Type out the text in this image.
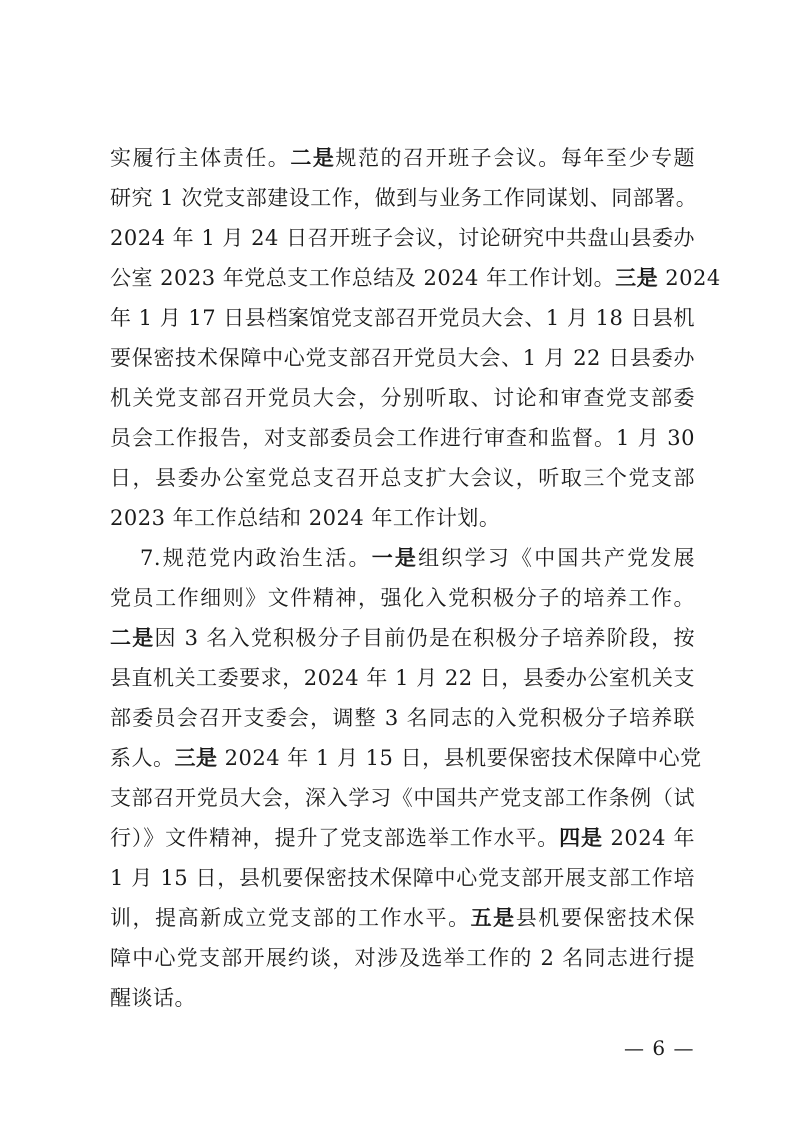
实履行主体责任。二是规范的召开班子会议。每年至少专题
研究 1 次党支部建设工作，做到与业务工作同谋划、同部署。
2024 年 1 月 24 日召开班子会议，讨论研究中共盘山县委办
公室 2023 年党总支工作总结及 2024 年工作计划。三是 2024
年 1 月 17 日县档案馆党支部召开党员大会、1 月 18 日县机
要保密技术保障中心党支部召开党员大会、1 月 22 日县委办
机关党支部召开党员大会，分别听取、讨论和审查党支部委
员会工作报告，对支部委员会工作进行审查和监督。1 月 30
日，县委办公室党总支召开总支扩大会议，听取三个党支部
2023 年工作总结和 2024 年工作计划。
7.规范党内政治生活。一是组织学习《中国共产党发展
党员工作细则》文件精神，强化入党积极分子的培养工作。
二是因 3 名入党积极分子目前仍是在积极分子培养阶段，按
县直机关工委要求，2024 年 1 月 22 日，县委办公室机关支
部委员会召开支委会，调整 3 名同志的入党积极分子培养联
系人。三是 2024 年 1 月 15 日，县机要保密技术保障中心党
支部召开党员大会，深入学习《中国共产党支部工作条例（试
行）》文件精神，提升了党支部选举工作水平。四是 2024 年
1 月 15 日，县机要保密技术保障中心党支部开展支部工作培
训，提高新成立党支部的工作水平。五是县机要保密技术保
障中心党支部开展约谈，对涉及选举工作的 2 名同志进行提
醒谈话。
— 6 —
